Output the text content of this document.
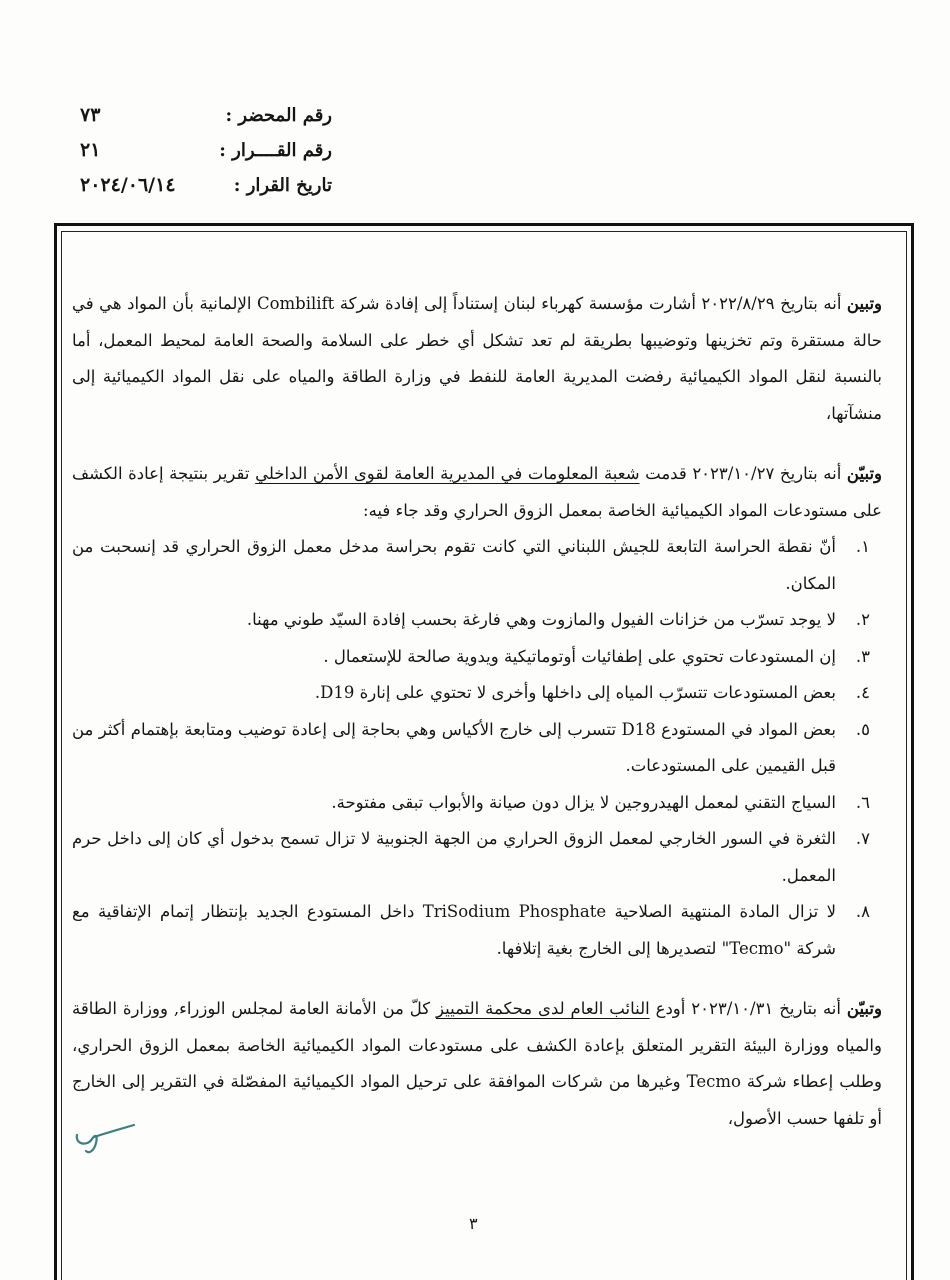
رقم المحضر :
٧٣
رقم القــــرار :
٢١
تاريخ القرار :
٢٠٢٤/٠٦/١٤

وتبين أنه بتاريخ ٢٠٢٢/٨/٢٩ أشارت مؤسسة كهرباء لبنان إستناداً إلى إفادة شركة Combilift الإلمانية بأن المواد هي في حالة مستقرة وتم تخزينها وتوضيبها بطريقة لم تعد تشكل أي خطر على السلامة والصحة العامة لمحيط المعمل، أما بالنسبة لنقل المواد الكيميائية رفضت المديرية العامة للنفط في وزارة الطاقة والمياه على نقل المواد الكيميائية إلى منشآتها،

وتبيّن أنه بتاريخ ٢٠٢٣/١٠/٢٧ قدمت شعبة المعلومات في المديرية العامة لقوى الأمن الداخلي تقرير بنتيجة إعادة الكشف على مستودعات المواد الكيميائية الخاصة بمعمل الزوق الحراري وقد جاء فيه:

١.
أنّ نقطة الحراسة التابعة للجيش اللبناني التي كانت تقوم بحراسة مدخل معمل الزوق الحراري قد إنسحبت من المكان.
٢.
لا يوجد تسرّب من خزانات الفيول والمازوت وهي فارغة بحسب إفادة السيّد طوني مهنا.
٣.
إن المستودعات تحتوي على إطفائيات أوتوماتيكية ويدوية صالحة للإستعمال .
٤.
بعض المستودعات تتسرّب المياه إلى داخلها وأخرى لا تحتوي على إنارة D19.
٥.
بعض المواد في المستودع D18 تتسرب إلى خارج الأكياس وهي بحاجة إلى إعادة توضيب ومتابعة بإهتمام أكثر من قبل القيمين على المستودعات.
٦.
السياج التقني لمعمل الهيدروجين لا يزال دون صيانة والأبواب تبقى مفتوحة.
٧.
الثغرة في السور الخارجي لمعمل الزوق الحراري من الجهة الجنوبية لا تزال تسمح بدخول أي كان إلى داخل حرم المعمل.
٨.
لا تزال المادة المنتهية الصلاحية TriSodium Phosphate داخل المستودع الجديد بإنتظار إتمام الإتفاقية مع شركة "Tecmo" لتصديرها إلى الخارج بغية إتلافها.

وتبيّن أنه بتاريخ ٢٠٢٣/١٠/٣١ أودع النائب العام لدى محكمة التمييز كلّ من الأمانة العامة لمجلس الوزراء, ووزارة الطاقة والمياه ووزارة البيئة التقرير المتعلق بإعادة الكشف على مستودعات المواد الكيميائية الخاصة بمعمل الزوق الحراري، وطلب إعطاء شركة Tecmo وغيرها من شركات الموافقة على ترحيل المواد الكيميائية المفصّلة في التقرير إلى الخارج أو تلفها حسب الأصول،

٣
